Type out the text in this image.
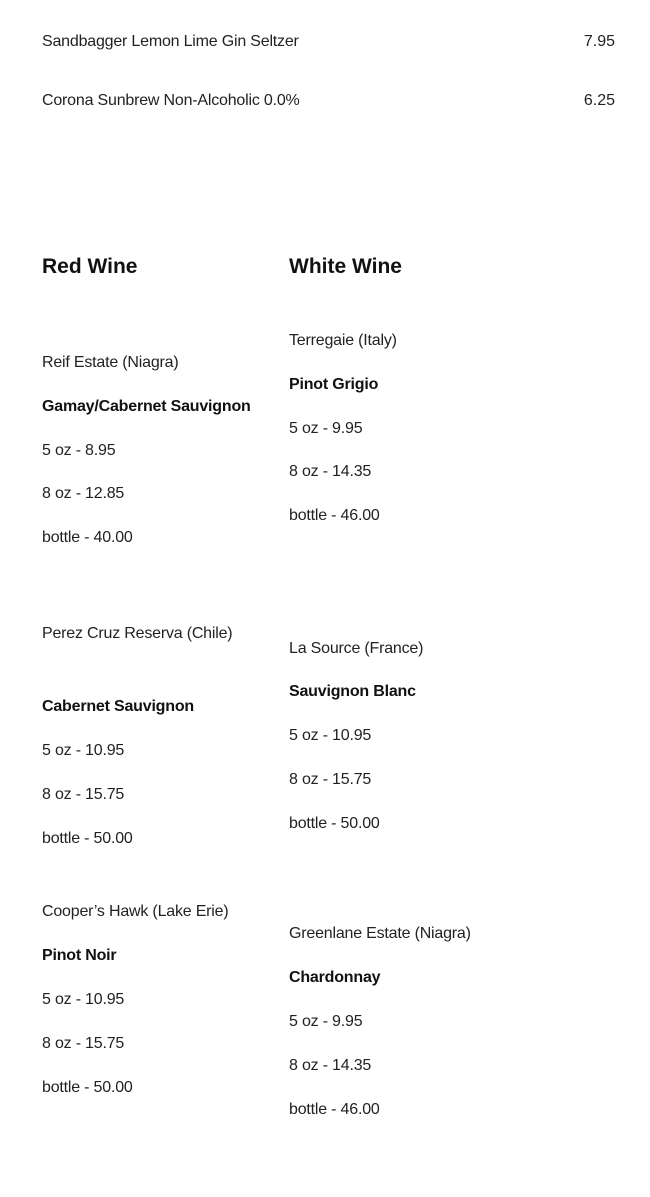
Sandbagger Lemon Lime Gin Seltzer	7.95
Corona Sunbrew Non-Alcoholic 0.0%	6.25
Red Wine	White Wine
Reif Estate (Niagra)
Gamay/Cabernet Sauvignon
5 oz - 8.95
8 oz - 12.85
bottle - 40.00
Perez Cruz Reserva (Chile)
Cabernet Sauvignon
5 oz - 10.95
8 oz - 15.75
bottle - 50.00
Cooper’s Hawk (Lake Erie)
Pinot Noir
5 oz - 10.95
8 oz - 15.75
bottle - 50.00
Terregaie (Italy)
Pinot Grigio
5 oz - 9.95
8 oz - 14.35
bottle - 46.00
La Source (France)
Sauvignon Blanc
5 oz - 10.95
8 oz - 15.75
bottle - 50.00
Greenlane Estate (Niagra)
Chardonnay
5 oz - 9.95
8 oz - 14.35
bottle - 46.00
